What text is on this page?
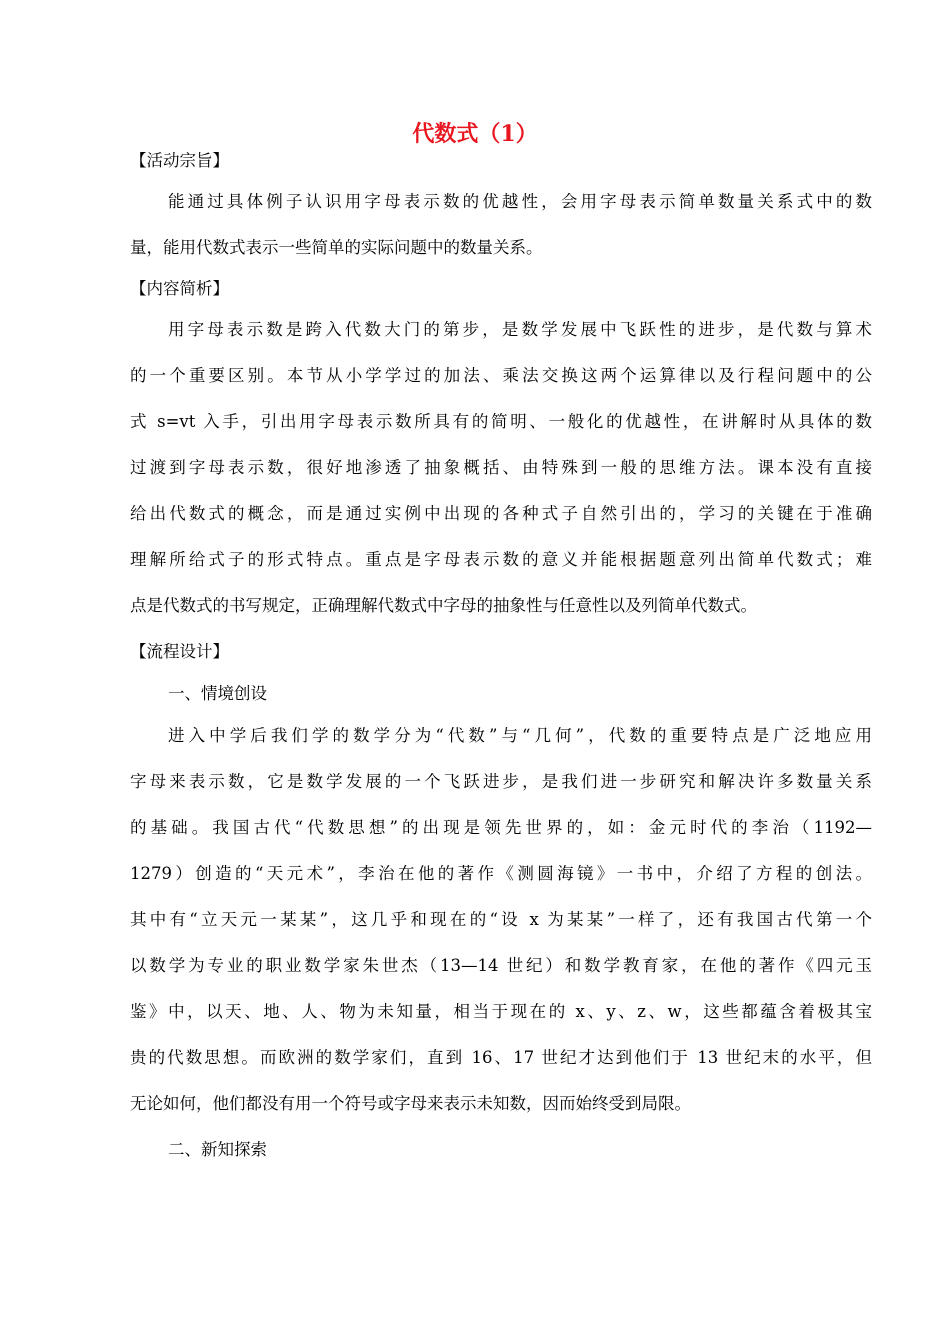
代数式（1）
【活动宗旨】
能通过具体例子认识用字母表示数的优越性，会用字母表示简单数量关系式中的数
量，能用代数式表示一些简单的实际问题中的数量关系。
【内容简析】
用字母表示数是跨入代数大门的第步，是数学发展中飞跃性的进步，是代数与算术
的一个重要区别。本节从小学学过的加法、乘法交换这两个运算律以及行程问题中的公
式 s=vt 入手，引出用字母表示数所具有的简明、一般化的优越性，在讲解时从具体的数
过渡到字母表示数，很好地渗透了抽象概括、由特殊到一般的思维方法。课本没有直接
给出代数式的概念，而是通过实例中出现的各种式子自然引出的，学习的关键在于准确
理解所给式子的形式特点。重点是字母表示数的意义并能根据题意列出简单代数式；难
点是代数式的书写规定，正确理解代数式中字母的抽象性与任意性以及列简单代数式。
【流程设计】
一、情境创设
进入中学后我们学的数学分为“代数”与“几何”，代数的重要特点是广泛地应用
字母来表示数，它是数学发展的一个飞跃进步，是我们进一步研究和解决许多数量关系
的基础。我国古代“代数思想”的出现是领先世界的，如：金元时代的李治（1192—
1279）创造的“天元术”，李治在他的著作《测圆海镜》一书中，介绍了方程的创法。
其中有“立天元一某某”，这几乎和现在的“设 x 为某某”一样了，还有我国古代第一个
以数学为专业的职业数学家朱世杰（13—14 世纪）和数学教育家，在他的著作《四元玉
鉴》中，以天、地、人、物为未知量，相当于现在的 x、y、z、w，这些都蕴含着极其宝
贵的代数思想。而欧洲的数学家们，直到 16、17 世纪才达到他们于 13 世纪末的水平，但
无论如何，他们都没有用一个符号或字母来表示未知数，因而始终受到局限。
二、新知探索
